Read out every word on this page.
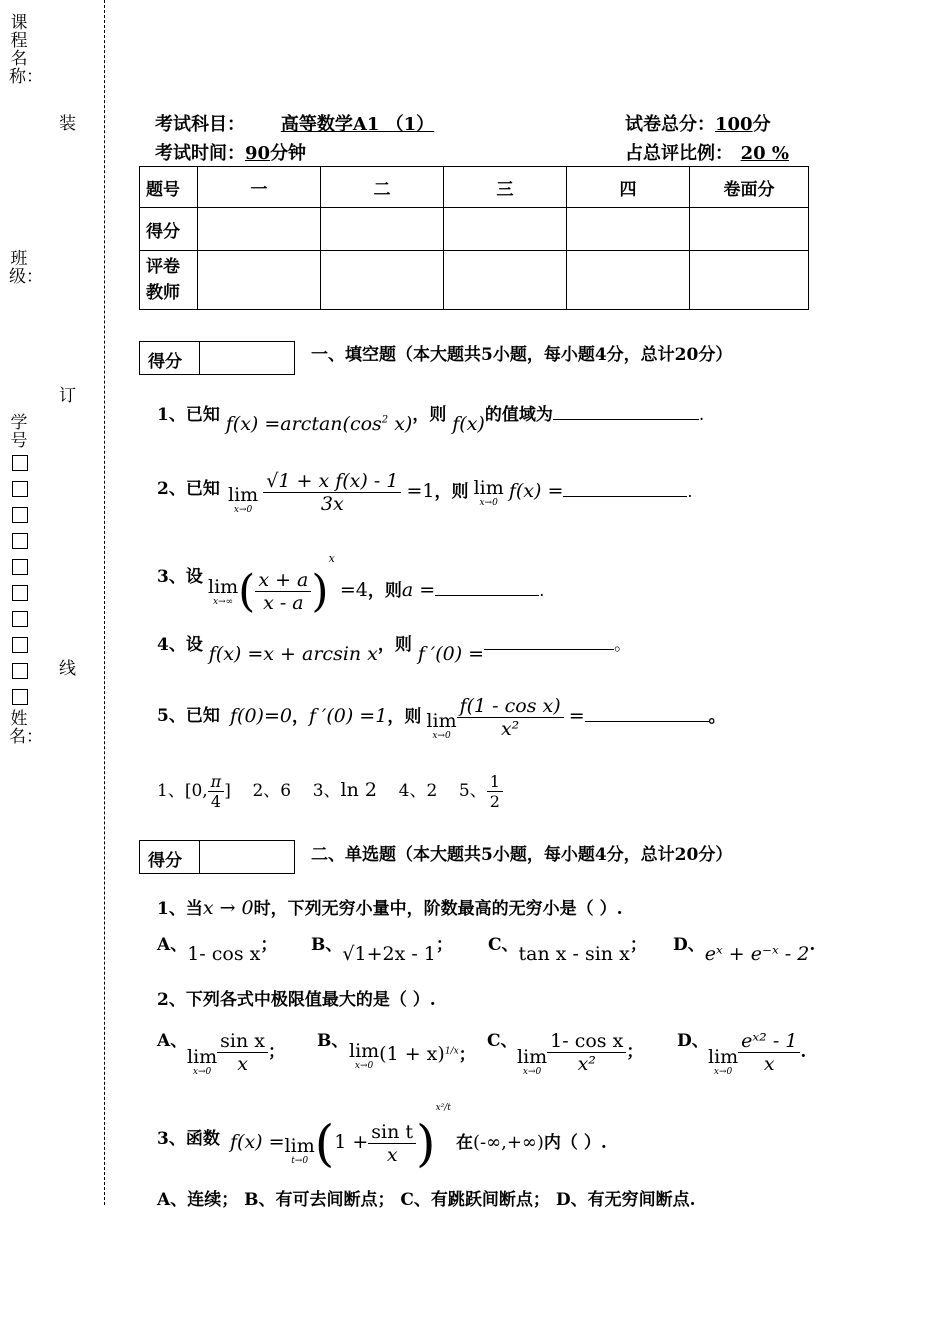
课程名称：
班级：
学号
姓名：
装
订
线
考试科目： 高等数学A1 （1）	试卷总分：100分
考试时间：90分钟	占总评比例： 20 %
题号	一	二	三	四	卷面分
得分					
评卷教师					
得分	一、填空题（本大题共5小题，每小题4分，总计20分）
1、已知 $f(x) =\arctan(\cos^2$ x)，则 f(x)的值域为	.
2、已知 lim
x→0
$\frac{\text{√1 + x f(x) - 1}}{3x} =1$，则 lim
x→0
f(x) =	.
3、设 lim
x→∞ ( $\frac{x + a}{x - a} )^x =4$，则a =	.
4、设 f(x) =x + arcsin x，则 f ′(0) =	。
5、已知 f(0)=0，f ′(0) =1，则 lim
$x\to 0 \frac{\text{f(1 - cos x)}}{\text{x²}}$ =	。
1、[0, $\frac{\pi}{4}$ ] 2、6 3、ln 2 4、2 5、 $\frac{1}{2}$
得分	二、单选题（本大题共5小题，每小题4分，总计20分）
1、当x → 0时，下列无穷小量中，阶数最高的无穷小是（ ）.
A、1- cos x； B、√1+2x - 1； C、tan x - sin x； D、eˣ + e⁻ˣ - 2.
2、下列各式中极限值最大的是（ ）.
A、
lim
$x\to 0 \frac{\text{sin x}}{x}$ ；
B、 lim
x→0
$(1 + x)^{1/x}$；
C、
lim
$x\to 0 \frac{\text{1- cos x}}{\text{x²}}$ ；
D、
lim
$x\to 0 \frac{\text{eˣ² - 1}}{x}$ .
3、函数 f(x) =lim
t→0 $(1 + \frac{\text{sin t}}{x} )^{x^2/t}$ 在(-∞,+∞)内（ ）.
A、连续； B、有可去间断点； C、有跳跃间断点； D、有无穷间断点.
